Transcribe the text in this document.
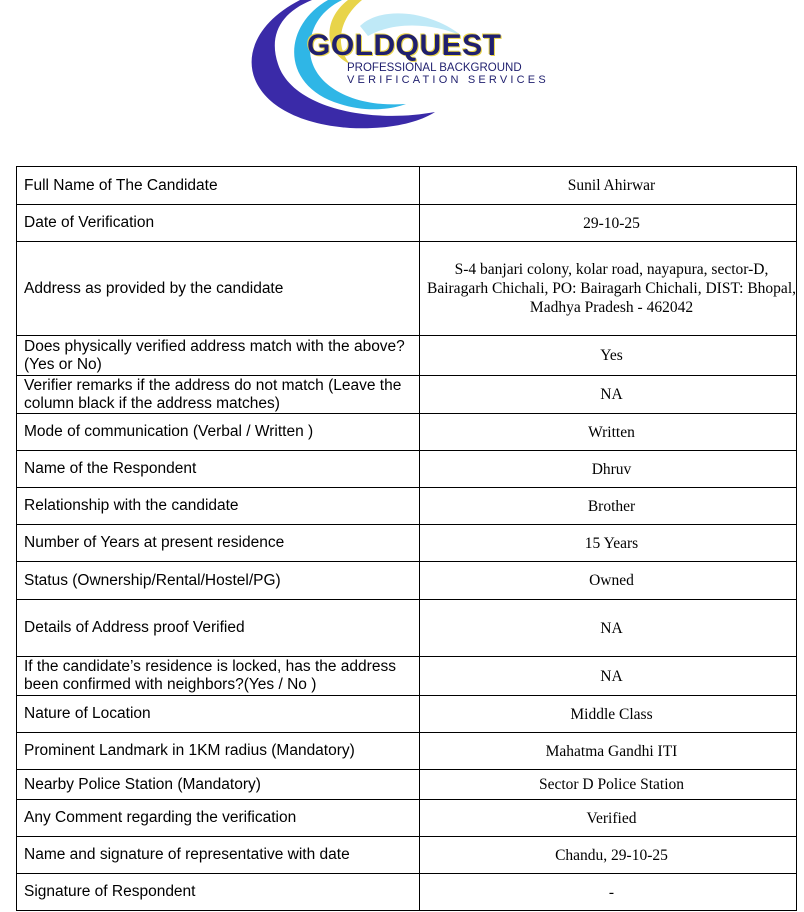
GOLDQUEST
PROFESSIONAL BACKGROUND
VERIFICATION SERVICES
Full Name of The Candidate	Sunil Ahirwar
Date of Verification	29-10-25
Address as provided by the candidate	S-4 banjari colony, kolar road, nayapura, sector-D, Bairagarh Chichali, PO: Bairagarh Chichali, DIST: Bhopal, Madhya Pradesh - 462042
Does physically verified address match with the above?(Yes or No)	Yes
Verifier remarks if the address do not match (Leave the column black if the address matches)	NA
Mode of communication (Verbal / Written )	Written
Name of the Respondent	Dhruv
Relationship with the candidate	Brother
Number of Years at present residence	15 Years
Status (Ownership/Rental/Hostel/PG)	Owned
Details of Address proof Verified	NA
If the candidate’s residence is locked, has the address been confirmed with neighbors?(Yes / No )	NA
Nature of Location	Middle Class
Prominent Landmark in 1KM radius (Mandatory)	Mahatma Gandhi ITI
Nearby Police Station (Mandatory)	Sector D Police Station
Any Comment regarding the verification	Verified
Name and signature of representative with date	Chandu, 29-10-25
Signature of Respondent	-
